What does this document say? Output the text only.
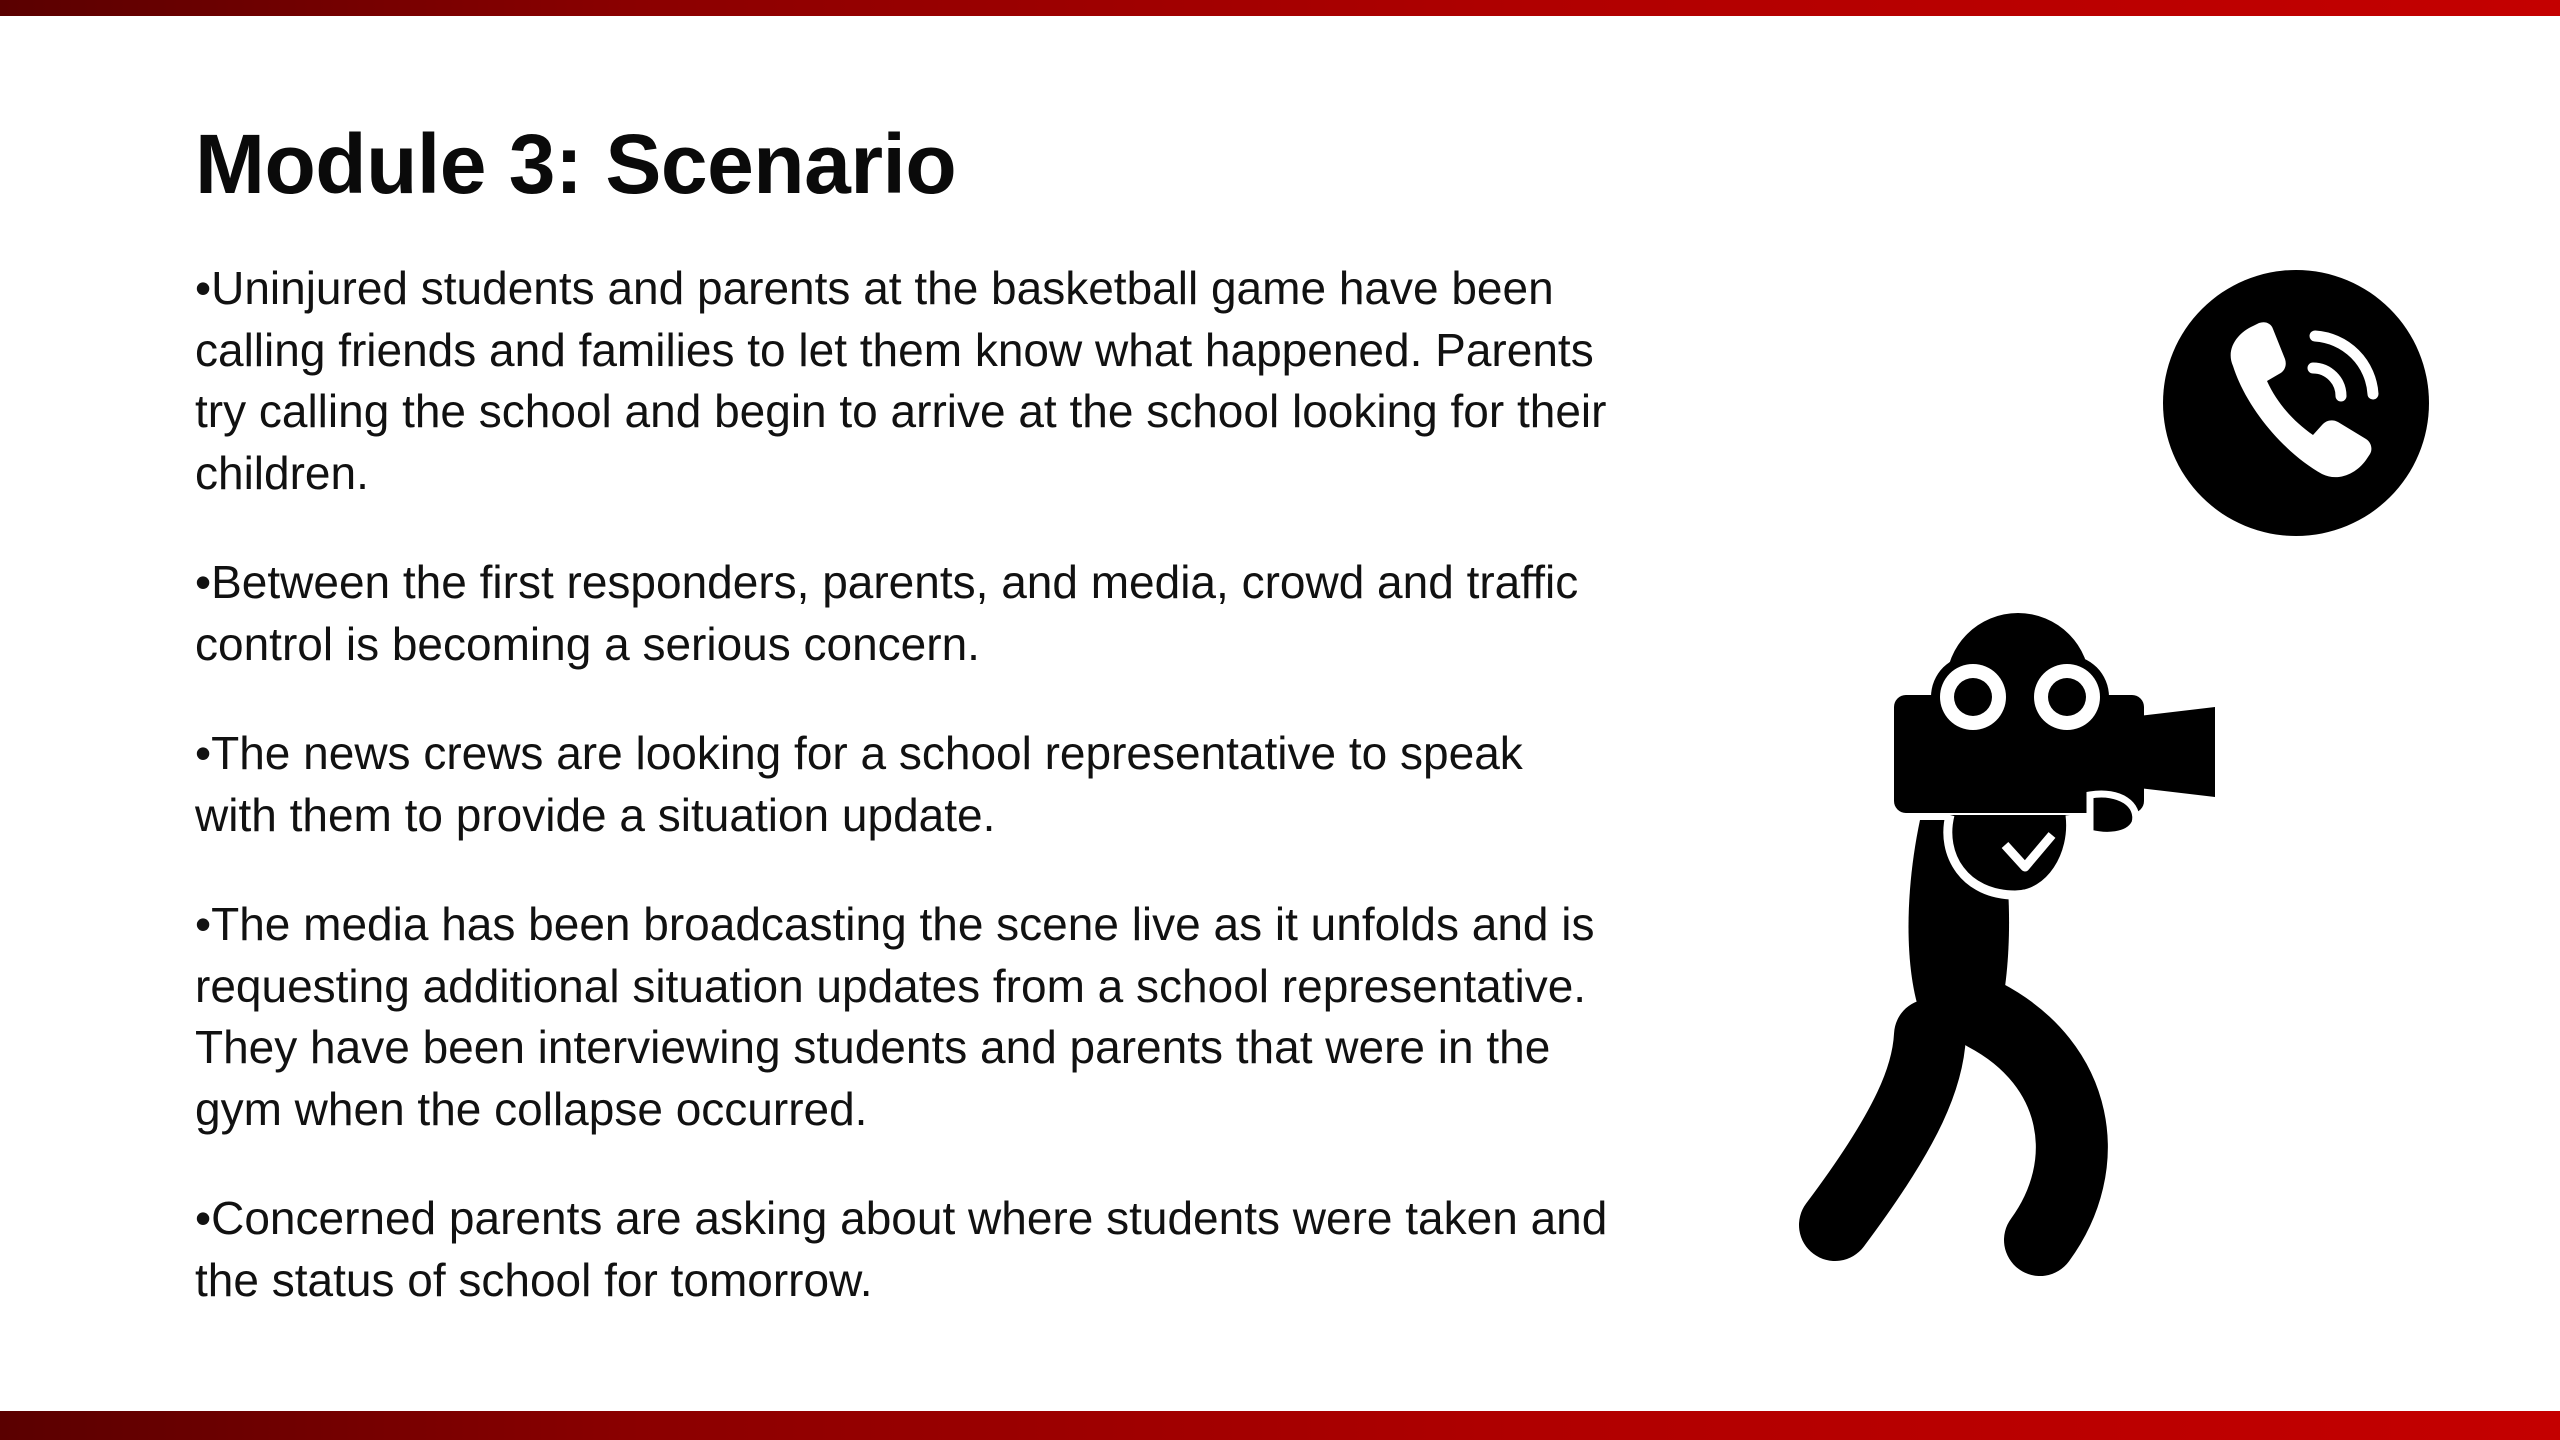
Module 3: Scenario
•Uninjured students and parents at the basketball game have been calling friends and families to let them know what happened. Parents try calling the school and begin to arrive at the school looking for their children.
•Between the first responders, parents, and media, crowd and traffic control is becoming a serious concern.
•The news crews are looking for a school representative to speak with them to provide a situation update.
•The media has been broadcasting the scene live as it unfolds and is requesting additional situation updates from a school representative. They have been interviewing students and parents that were in the gym when the collapse occurred.
•Concerned parents are asking about where students were taken and the status of school for tomorrow.
